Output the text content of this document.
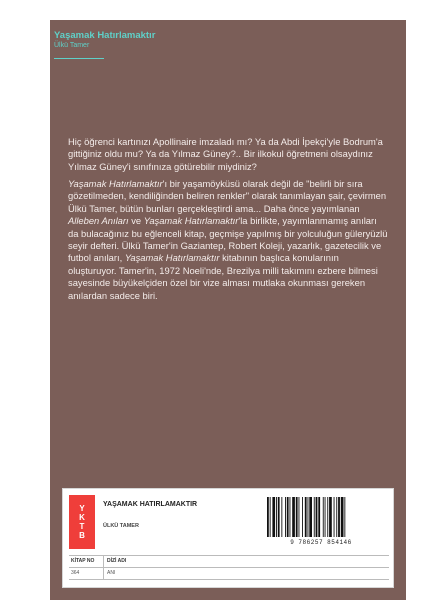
Yaşamak Hatırlamaktır
Ülkü Tamer

Hiç öğrenci kartınızı Apollinaire imzaladı mı? Ya da Abdi İpekçi'yle Bodrum'a gittiğiniz oldu mu? Ya da Yılmaz Güney?.. Bir ilkokul öğretmeni olsaydınız Yılmaz Güney'i sınıfınıza götürebilir miydiniz?

Yaşamak Hatırlamaktır'ı bir yaşamöyküsü olarak değil de "belirli bir sıra gözetilmeden, kendiliğinden beliren renkler" olarak tanımlayan şair, çevirmen Ülkü Tamer, bütün bunları gerçekleştirdi ama... Daha önce yayımlanan Alleben Anıları ve Yaşamak Hatırlamaktır'la birlikte, yayımlanmamış anıları da bulacağınız bu eğlenceli kitap, geçmişe yapılmış bir yolculuğun güleryüzlü seyir defteri. Ülkü Tamer'in Gaziantep, Robert Koleji, yazarlık, gazetecilik ve futbol anıları, Yaşamak Hatırlamaktır kitabının başlıca konularının oluşturuyor. Tamer'in, 1972 Noeli'nde, Brezilya milli takımını ezbere bilmesi sayesinde büyükelçiden özel bir vize alması mutlaka okunması gereken anılardan sadece biri.

Y
K
T
B
YAŞAMAK HATIRLAMAKTIR
ÜLKÜ TAMER
9 786257 854146
KİTAP NO	DİZİ ADI
364	ANI
